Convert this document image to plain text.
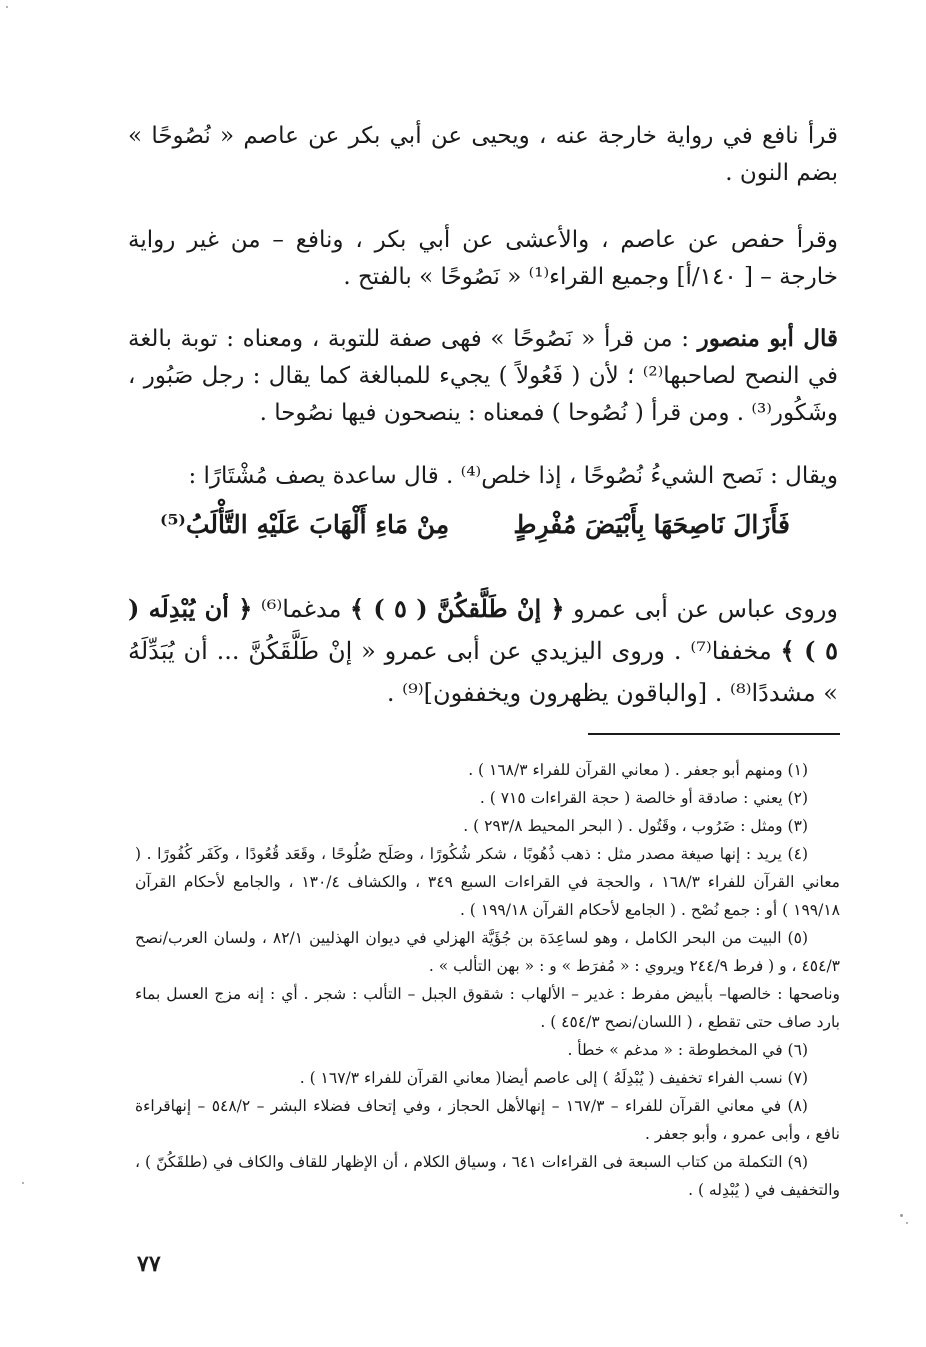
قرأ نافع في رواية خارجة عنه ، ويحيى عن أبي بكر عن عاصم « نُصُوحًا » بضم النون .

وقرأ حفص عن عاصم ، والأعشى عن أبي بكر ، ونافع – من غير رواية خارجة – [ ١٤٠/أ] وجميع القراء⁽¹⁾ « نَصُوحًا » بالفتح .

قال أبو منصور : من قرأ « نَصُوحًا » فهى صفة للتوبة ، ومعناه : توبة بالغة في النصح لصاحبها⁽²⁾ ؛ لأن ( فَعُولاً ) يجيء للمبالغة كما يقال : رجل صَبُور ، وشَكُور⁽³⁾ . ومن قرأ ( نُصُوحا ) فمعناه : ينصحون فيها نصُوحا .

ويقال : نَصح الشيءُ نُصُوحًا ، إذا خلص⁽⁴⁾ . قال ساعدة يصف مُشْتَارًا :

فَأَزَالَ نَاصِحَهَا بِأَبْيَضَ مُفْرِطٍ
مِنْ مَاءِ أَلْهَابَ عَلَيْهِ التَّأْلَبُ⁽⁵⁾

وروى عباس عن أبى عمرو ﴿ إنْ طَلَّقكُنَّ ( ٥ ) ﴾ مدغما⁽⁶⁾ ﴿ أن يُبْدِلَه ( ٥ ) ﴾ مخففا⁽⁷⁾ . وروى اليزيدي عن أبى عمرو « إنْ طَلَّقَكُنَّ ... أن يُبَدِّلَهُ » مشددًا⁽⁸⁾ . [والباقون يظهرون ويخففون]⁽⁹⁾ .

(١) ومنهم أبو جعفر . ( معاني القرآن للفراء ١٦٨/٣ ) .

(٢) يعني : صادقة أو خالصة ( حجة القراءات ٧١٥ ) .

(٣) ومثل : ضَرُوب ، وقَتُول . ( البحر المحيط ٢٩٣/٨ ) .

(٤) يريد : إنها صيغة مصدر مثل : ذهب ذُهُوبًا ، شكر شُكُورًا ، وصَلَح صُلُوحًا ، وقَعَد قُعُودًا ، وكَفَر كُفُورًا . ( معاني القرآن للفراء ١٦٨/٣ ، والحجة في القراءات السبع ٣٤٩ ، والكشاف ١٣٠/٤ ، والجامع لأحكام القرآن ١٩٩/١٨ ) أو : جمع نُصْح . ( الجامع لأحكام القرآن ١٩٩/١٨ ) .

(٥) البيت من البحر الكامل ، وهو لساعِدَة بن جُؤَيَّة الهزلي في ديوان الهذليين ٨٢/١ ، ولسان العرب/نصح ٤٥٤/٣ ، و ( فرط ٢٤٤/٩ ويروي : « مُفرَط » و : « بهن التألب » .

وناصحها : خالصها– بأبيض مفرط : غدير – الألهاب : شقوق الجبل – التألب : شجر . أي : إنه مزج العسل بماء بارد صاف حتى تقطع ، ( اللسان/نصح ٤٥٤/٣ ) .

(٦) في المخطوطة : « مدغم » خطأ .

(٧) نسب الفراء تخفيف ( يُبْدِلَهُ ) إلى عاصم أيضا( معاني القرآن للفراء ١٦٧/٣ ) .

(٨) في معاني القرآن للفراء – ١٦٧/٣ – إنهالأهل الحجاز ، وفي إتحاف فضلاء البشر – ٥٤٨/٢ – إنهاقراءة نافع ، وأبى عمرو ، وأبو جعفر .

(٩) التكملة من كتاب السبعة فى القراءات ٦٤١ ، وسياق الكلام ، أن الإظهار للقاف والكاف في (طلقَكُنّ ) ، والتخفيف في ( يُبْدِله ) .

٧٧
